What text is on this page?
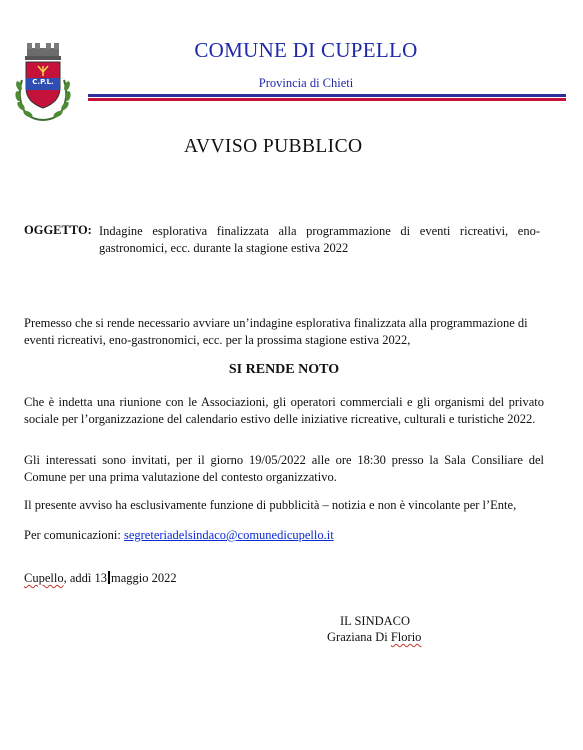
C.P.L.
COMUNE DI CUPELLO
Provincia di Chieti
AVVISO PUBBLICO
OGGETTO: Indagine esplorativa finalizzata alla programmazione di eventi ricreativi, eno-gastronomici, ecc. durante la stagione estiva 2022
Premesso che si rende necessario avviare un’indagine esplorativa finalizzata alla programmazione di eventi ricreativi, eno-gastronomici, ecc. per la prossima stagione estiva 2022,
SI RENDE NOTO
Che è indetta una riunione con le Associazioni, gli operatori commerciali e gli organismi del privato sociale per l’organizzazione del calendario estivo delle iniziative ricreative, culturali e turistiche 2022.
Gli interessati sono invitati, per il giorno 19/05/2022 alle ore 18:30 presso la Sala Consiliare del Comune per una prima valutazione del contesto organizzativo.
Il presente avviso ha esclusivamente funzione di pubblicità – notizia e non è vincolante per l’Ente,
Per comunicazioni: segreteriadelsindaco@comunedicupello.it
Cupello, addì 13 maggio 2022
IL SINDACO
Graziana Di Florio
